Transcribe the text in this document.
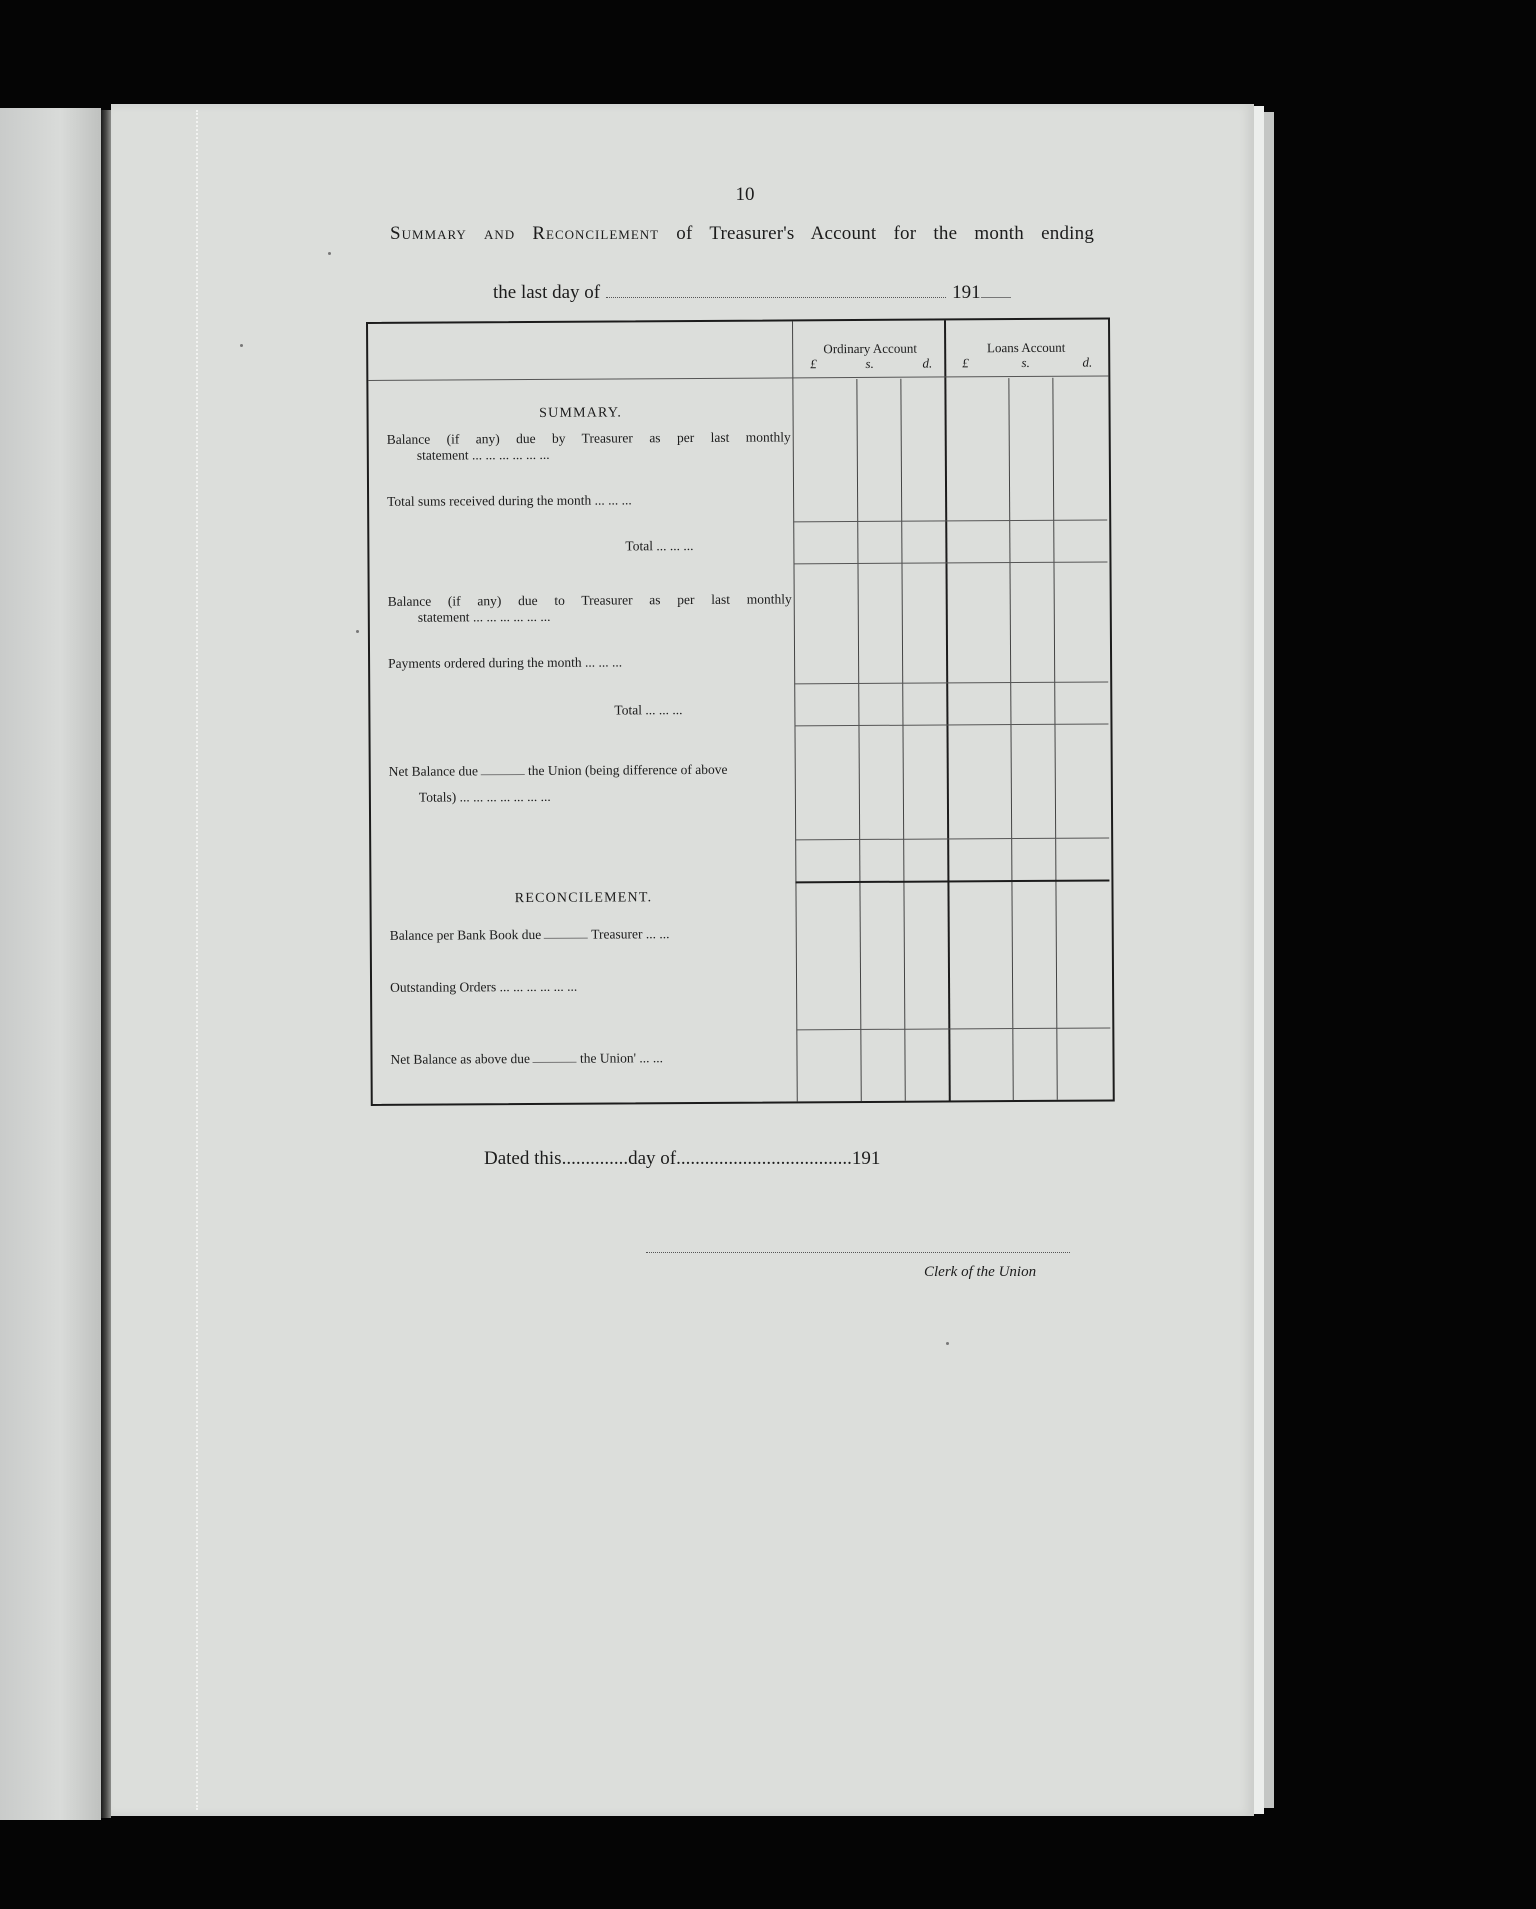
10
Summary and Reconcilement of Treasurer's Account for the month ending
the last day of	191
Ordinary Account
£	s.	d.
Loans Account
£	s.	d.
SUMMARY.
Balance (if any) due by Treasurer as per last monthly
statement ... ... ... ... ... ...
Total sums received during the month ... ... ...
Total ... ... ...
Balance (if any) due to Treasurer as per last monthly
statement ... ... ... ... ... ...
Payments ordered during the month ... ... ...
Total ... ... ...
Net Balance due	the Union (being difference of above
Totals) ... ... ... ... ... ... ...
RECONCILEMENT.
Balance per Bank Book due	Treasurer ... ...
Outstanding Orders ... ... ... ... ... ...
Net Balance as above due	the Union' ... ...
Dated this..............day of.....................................191
Clerk of the Union
